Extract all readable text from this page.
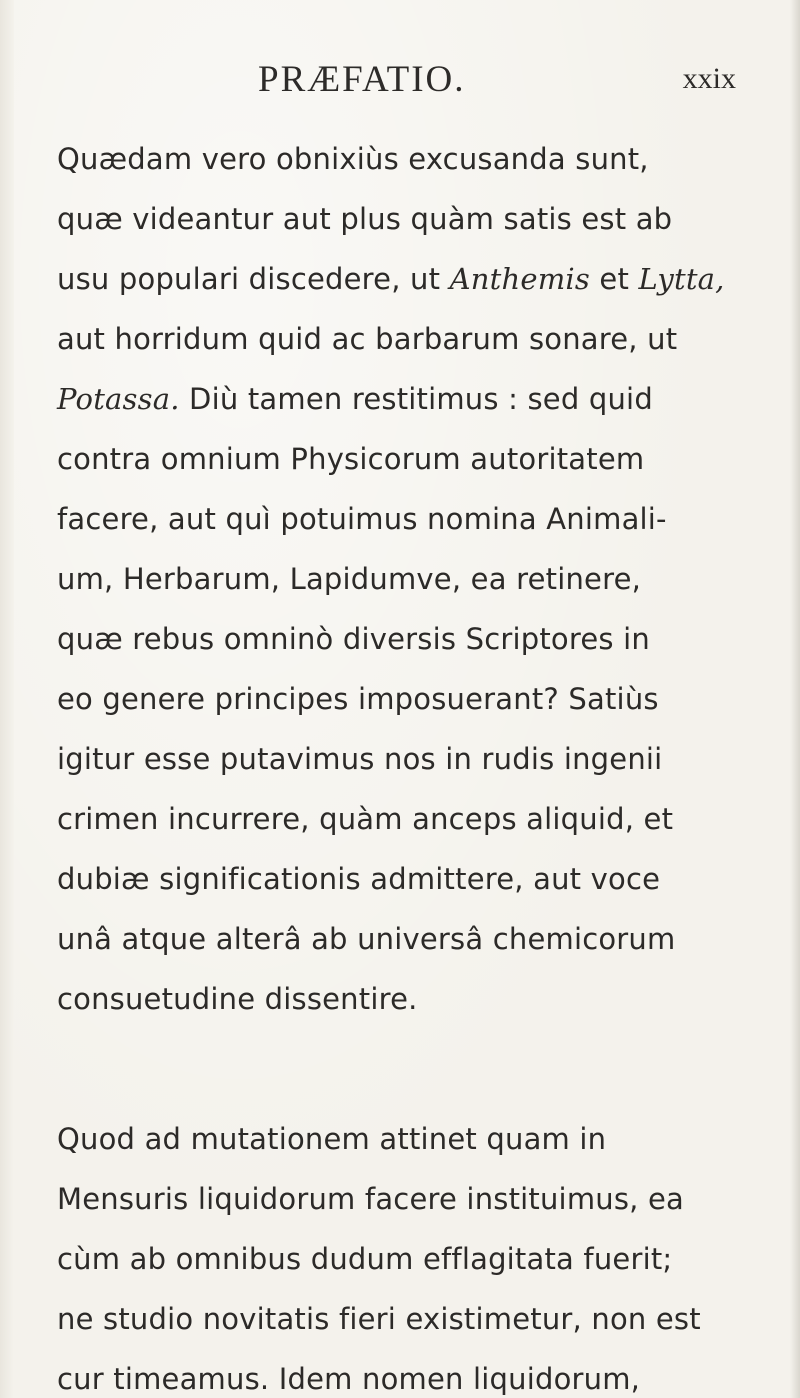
PRÆFATIO.	xxix
Quædam vero obnixiùs excusanda sunt,
quæ videantur aut plus quàm satis est ab
usu populari discedere, ut Anthemis et Lytta,
aut horridum quid ac barbarum sonare, ut
Potassa. Diù tamen restitimus : sed quid
contra omnium Physicorum autoritatem
facere, aut quì potuimus nomina Animali-
um, Herbarum, Lapidumve, ea retinere,
quæ rebus omninò diversis Scriptores in
eo genere principes imposuerant? Satiùs
igitur esse putavimus nos in rudis ingenii
crimen incurrere, quàm anceps aliquid, et
dubiæ significationis admittere, aut voce
unâ atque alterâ ab universâ chemicorum
consuetudine dissentire.
Quod ad mutationem attinet quam in
Mensuris liquidorum facere instituimus, ea
cùm ab omnibus dudum efflagitata fuerit;
ne studio novitatis fieri existimetur, non est
cur timeamus. Idem nomen liquidorum,
